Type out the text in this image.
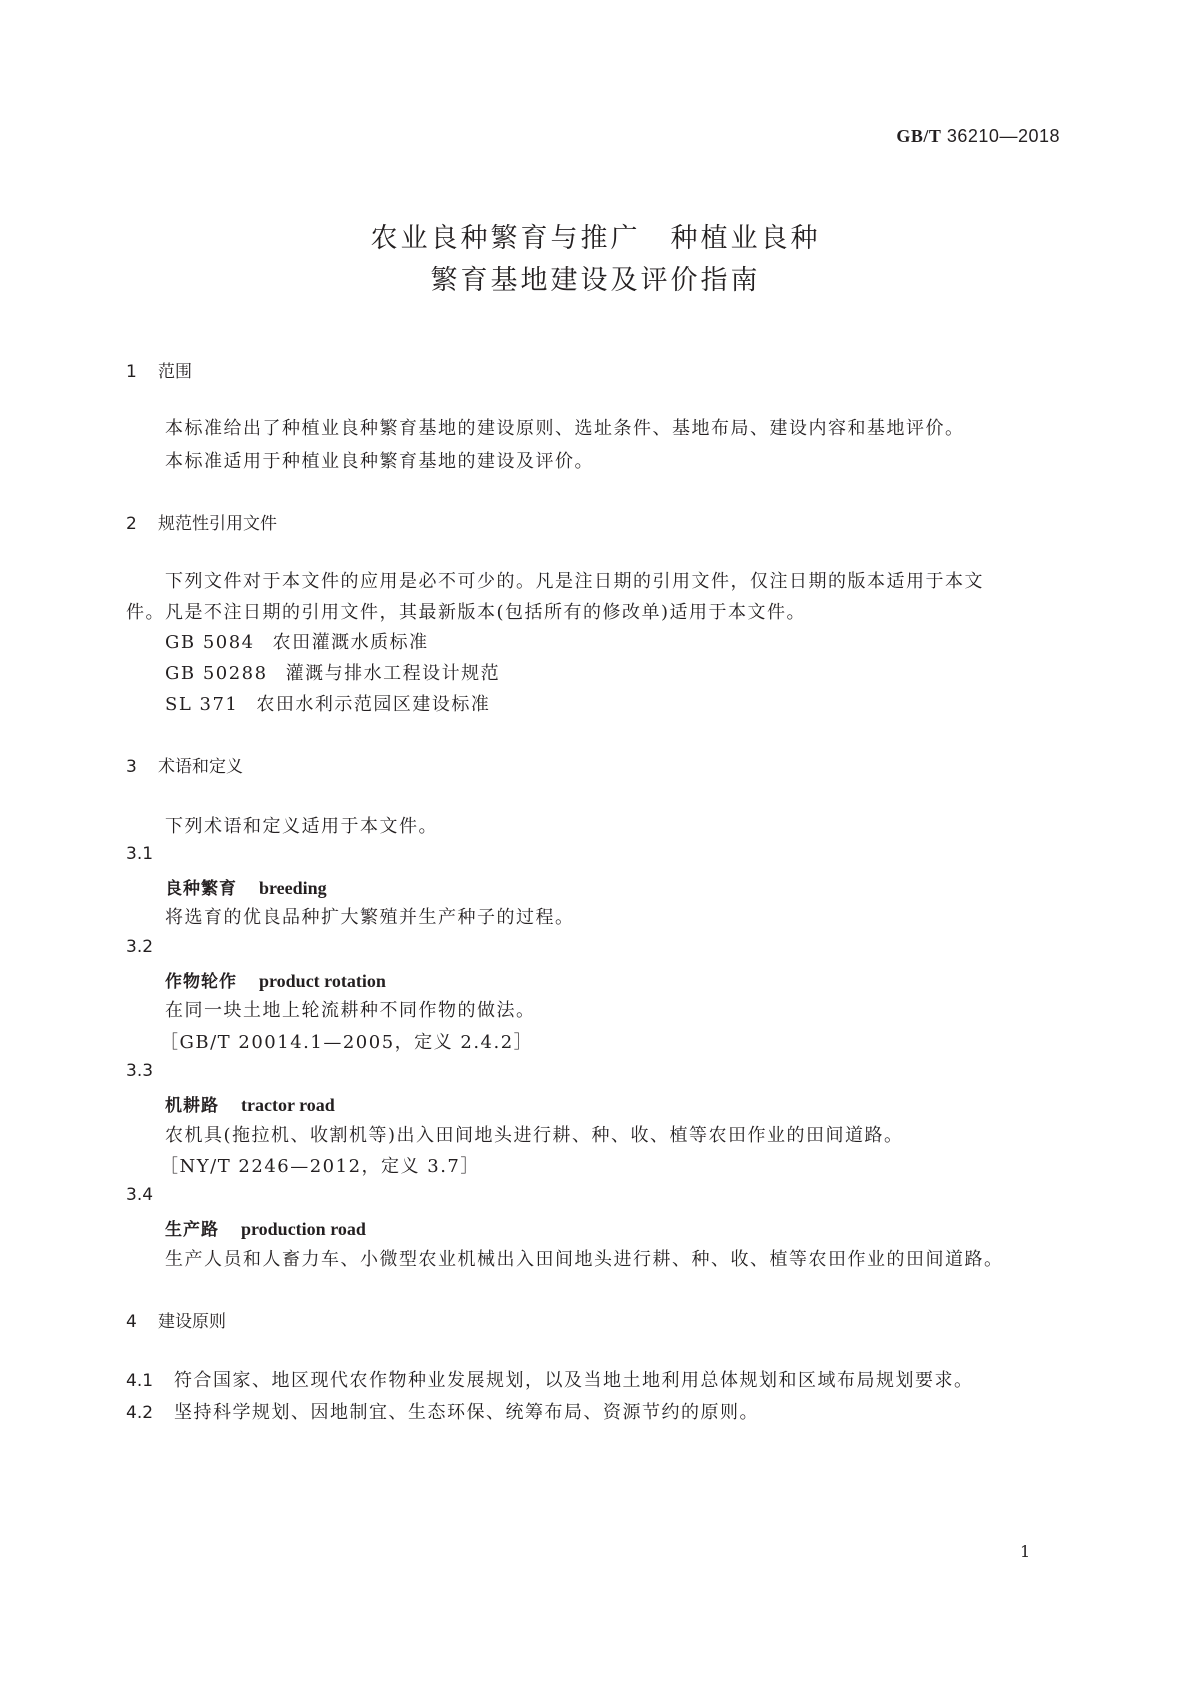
GB/T 36210—2018
农业良种繁育与推广　种植业良种
繁育基地建设及评价指南
1 范围
本标准给出了种植业良种繁育基地的建设原则、选址条件、基地布局、建设内容和基地评价。
本标准适用于种植业良种繁育基地的建设及评价。
2 规范性引用文件
下列文件对于本文件的应用是必不可少的。凡是注日期的引用文件，仅注日期的版本适用于本文
件。凡是不注日期的引用文件，其最新版本(包括所有的修改单)适用于本文件。
GB 5084 农田灌溉水质标准
GB 50288 灌溉与排水工程设计规范
SL 371 农田水利示范园区建设标准
3 术语和定义
下列术语和定义适用于本文件。
3.1
良种繁育 breeding
将选育的优良品种扩大繁殖并生产种子的过程。
3.2
作物轮作 product rotation
在同一块土地上轮流耕种不同作物的做法。
［GB/T 20014.1—2005，定义 2.4.2］
3.3
机耕路 tractor road
农机具(拖拉机、收割机等)出入田间地头进行耕、种、收、植等农田作业的田间道路。
［NY/T 2246—2012，定义 3.7］
3.4
生产路 production road
生产人员和人畜力车、小微型农业机械出入田间地头进行耕、种、收、植等农田作业的田间道路。
4 建设原则
4.1 符合国家、地区现代农作物种业发展规划，以及当地土地利用总体规划和区域布局规划要求。
4.2 坚持科学规划、因地制宜、生态环保、统筹布局、资源节约的原则。
1
